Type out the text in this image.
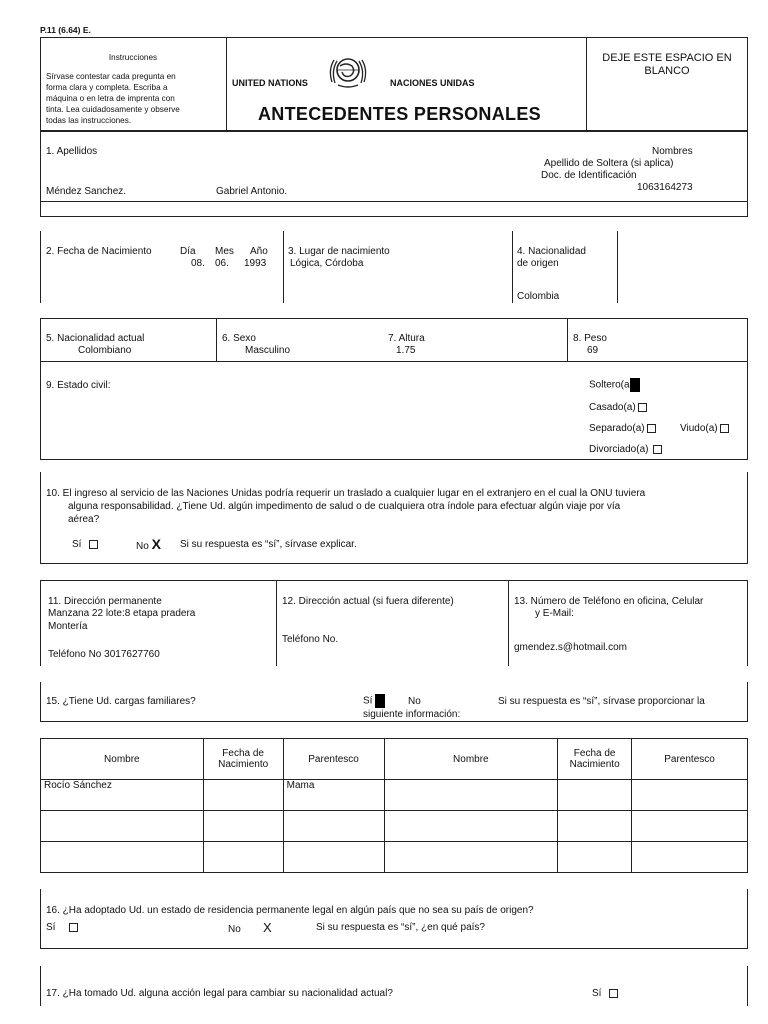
P.11 (6.64) E.
Instrucciones
Sírvase contestar cada pregunta en
forma clara y completa. Escriba a
máquina o en letra de imprenta con
tinta. Lea cuidadosamente y observe
todas las instrucciones.
UNITED NATIONS	NACIONES UNIDAS
ANTECEDENTES PERSONALES
DEJE ESTE ESPACIO EN
BLANCO
1. Apellidos	Nombres
Apellido de Soltera (si aplica)
Doc. de Identificación
Méndez Sanchez.	Gabriel Antonio.	1063164273
2. Fecha de Nacimiento	Día Mes Año
08. 06. 1993
3. Lugar de nacimiento
Lógica, Córdoba
4. Nacionalidad
de origen
Colombia
5. Nacionalidad actual
Colombiano
6. Sexo
Masculino
7. Altura
1.75
8. Peso
69
9. Estado civil:	Soltero(a
Casado(a)
Separado(a)	Viudo(a)
Divorciado(a)
10. El ingreso al servicio de las Naciones Unidas podría requerir un traslado a cualquier lugar en el extranjero en el cual la ONU tuviera
alguna responsabilidad. ¿Tiene Ud. algún impedimento de salud o de cualquiera otra índole para efectuar algún viaje por vía
aérea?
Sí	No X Si su respuesta es “sí”, sírvase explicar.
11. Dirección permanente
Manzana 22 lote:8 etapa pradera
Montería
Teléfono No 3017627760
12. Dirección actual (si fuera diferente)
Teléfono No.
13. Número de Teléfono en oficina, Celular
y E-Mail:
gmendez.s@hotmail.com
15. ¿Tiene Ud. cargas familiares?	Sí	No	Si su respuesta es “sí”, sírvase proporcionar la
siguiente información:
Nombre	Fecha de Nacimiento	Parentesco	Nombre	Fecha de Nacimiento	Parentesco
Rocío Sánchez		Mama			

16. ¿Ha adoptado Ud. un estado de residencia permanente legal en algún país que no sea su país de origen?
Sí	No X	Si su respuesta es “sí”, ¿en qué país?
17. ¿Ha tomado Ud. alguna acción legal para cambiar su nacionalidad actual?	Sí
